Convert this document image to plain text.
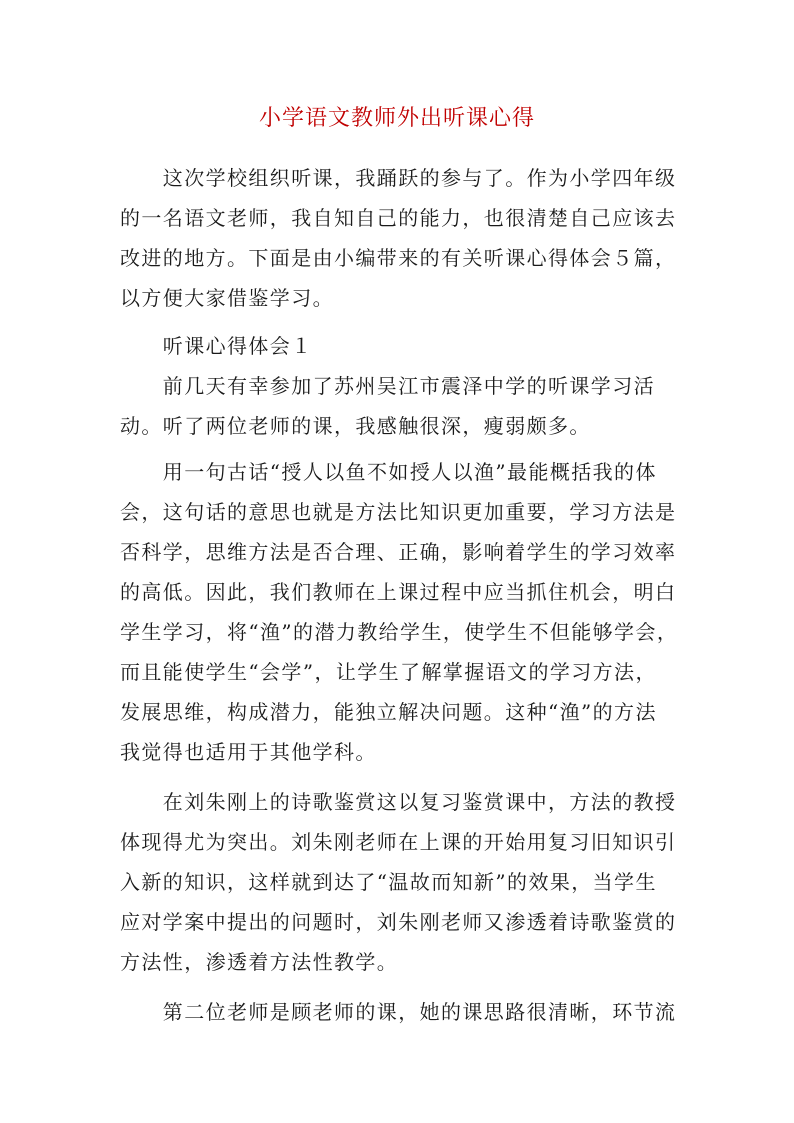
小学语文教师外出听课心得
　　这次学校组织听课，我踊跃的参与了。作为小学四年级
的一名语文老师，我自知自己的能力，也很清楚自己应该去
改进的地方。下面是由小编带来的有关听课心得体会５篇，
以方便大家借鉴学习。
　　听课心得体会１
　　前几天有幸参加了苏州吴江市震泽中学的听课学习活
动。听了两位老师的课，我感触很深，瘦弱颇多。
　　用一句古话“授人以鱼不如授人以渔”最能概括我的体
会，这句话的意思也就是方法比知识更加重要，学习方法是
否科学，思维方法是否合理、正确，影响着学生的学习效率
的高低。因此，我们教师在上课过程中应当抓住机会，明白
学生学习，将“渔”的潜力教给学生，使学生不但能够学会，
而且能使学生“会学”，让学生了解掌握语文的学习方法，
发展思维，构成潜力，能独立解决问题。这种“渔”的方法
我觉得也适用于其他学科。
　　在刘朱刚上的诗歌鉴赏这以复习鉴赏课中，方法的教授
体现得尤为突出。刘朱刚老师在上课的开始用复习旧知识引
入新的知识，这样就到达了“温故而知新”的效果，当学生
应对学案中提出的问题时，刘朱刚老师又渗透着诗歌鉴赏的
方法性，渗透着方法性教学。
　　第二位老师是顾老师的课，她的课思路很清晰，环节流
